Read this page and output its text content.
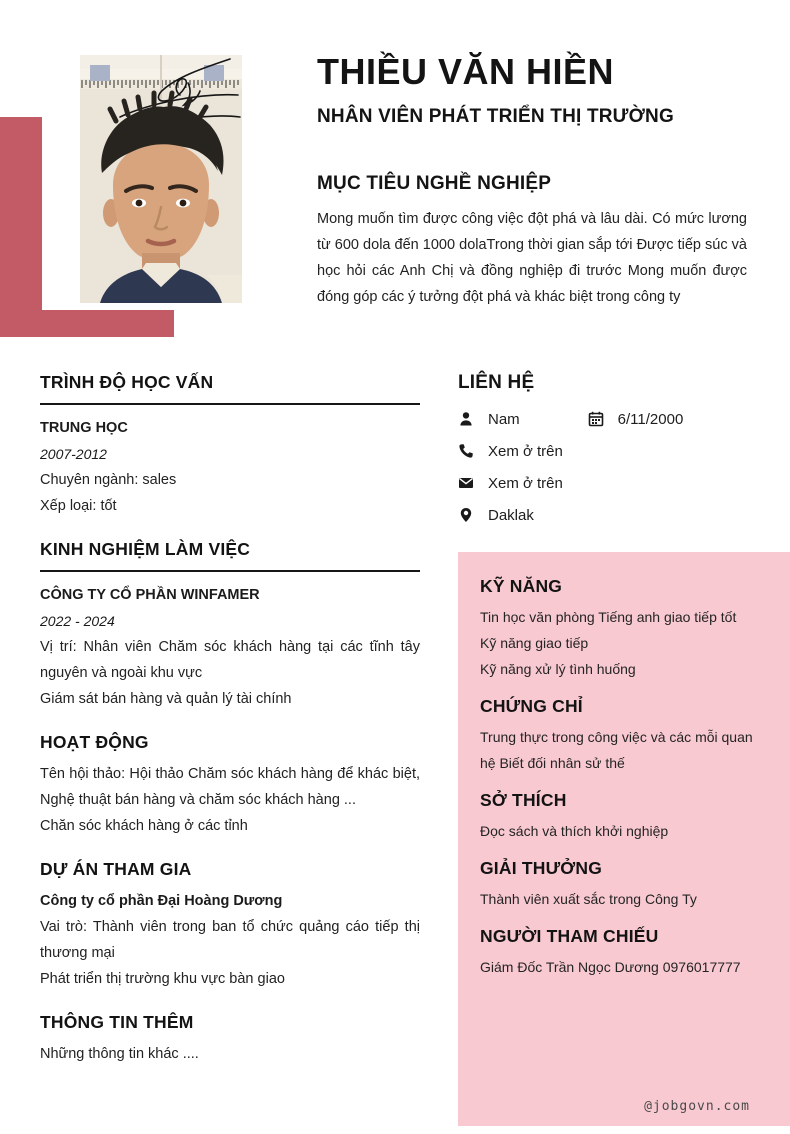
THIỀU VĂN HIỀN
NHÂN VIÊN PHÁT TRIỂN THỊ TRƯỜNG
MỤC TIÊU NGHỀ NGHIỆP

Mong muốn tìm được công việc đột phá và lâu dài. Có mức lương từ 600 dola đến 1000 dolaTrong thời gian sắp tới Được tiếp súc và học hỏi các Anh Chị và đồng nghiệp đi trước Mong muốn được đóng góp các ý tưởng đột phá và khác biệt trong công ty

TRÌNH ĐỘ HỌC VẤN
TRUNG HỌC
2007-2012
Chuyên ngành: sales
Xếp loại: tốt
KINH NGHIỆM LÀM VIỆC
CÔNG TY CỔ PHẦN WINFAMER
2022 - 2024
Vị trí: Nhân viên Chăm sóc khách hàng tại các tĩnh tây nguyên và ngoài khu vực
Giám sát bán hàng và quản lý tài chính
HOẠT ĐỘNG
Tên hội thảo: Hội thảo Chăm sóc khách hàng để khác biệt, Nghệ thuật bán hàng và chăm sóc khách hàng ...
Chăn sóc khách hàng ở các tỉnh
DỰ ÁN THAM GIA
Công ty cổ phần Đại Hoàng Dương
Vai trò: Thành viên trong ban tổ chức quảng cáo tiếp thị thương mại
Phát triển thị trường khu vực bàn giao
THÔNG TIN THÊM
Những thông tin khác ....
LIÊN HỆ
Nam	6/11/2000
Xem ở trên
Xem ở trên
Daklak
KỸ NĂNG
Tin học văn phòng Tiếng anh giao tiếp tốt
Kỹ năng giao tiếp
Kỹ năng xử lý tình huống
CHỨNG CHỈ
Trung thực trong công việc và các mỗi quan hệ Biết đối nhân sử thế
SỞ THÍCH
Đọc sách và thích khởi nghiệp
GIẢI THƯỞNG
Thành viên xuất sắc trong Công Ty
NGƯỜI THAM CHIẾU
Giám Đốc Trần Ngọc Dương 0976017777
@jobgovn.com
